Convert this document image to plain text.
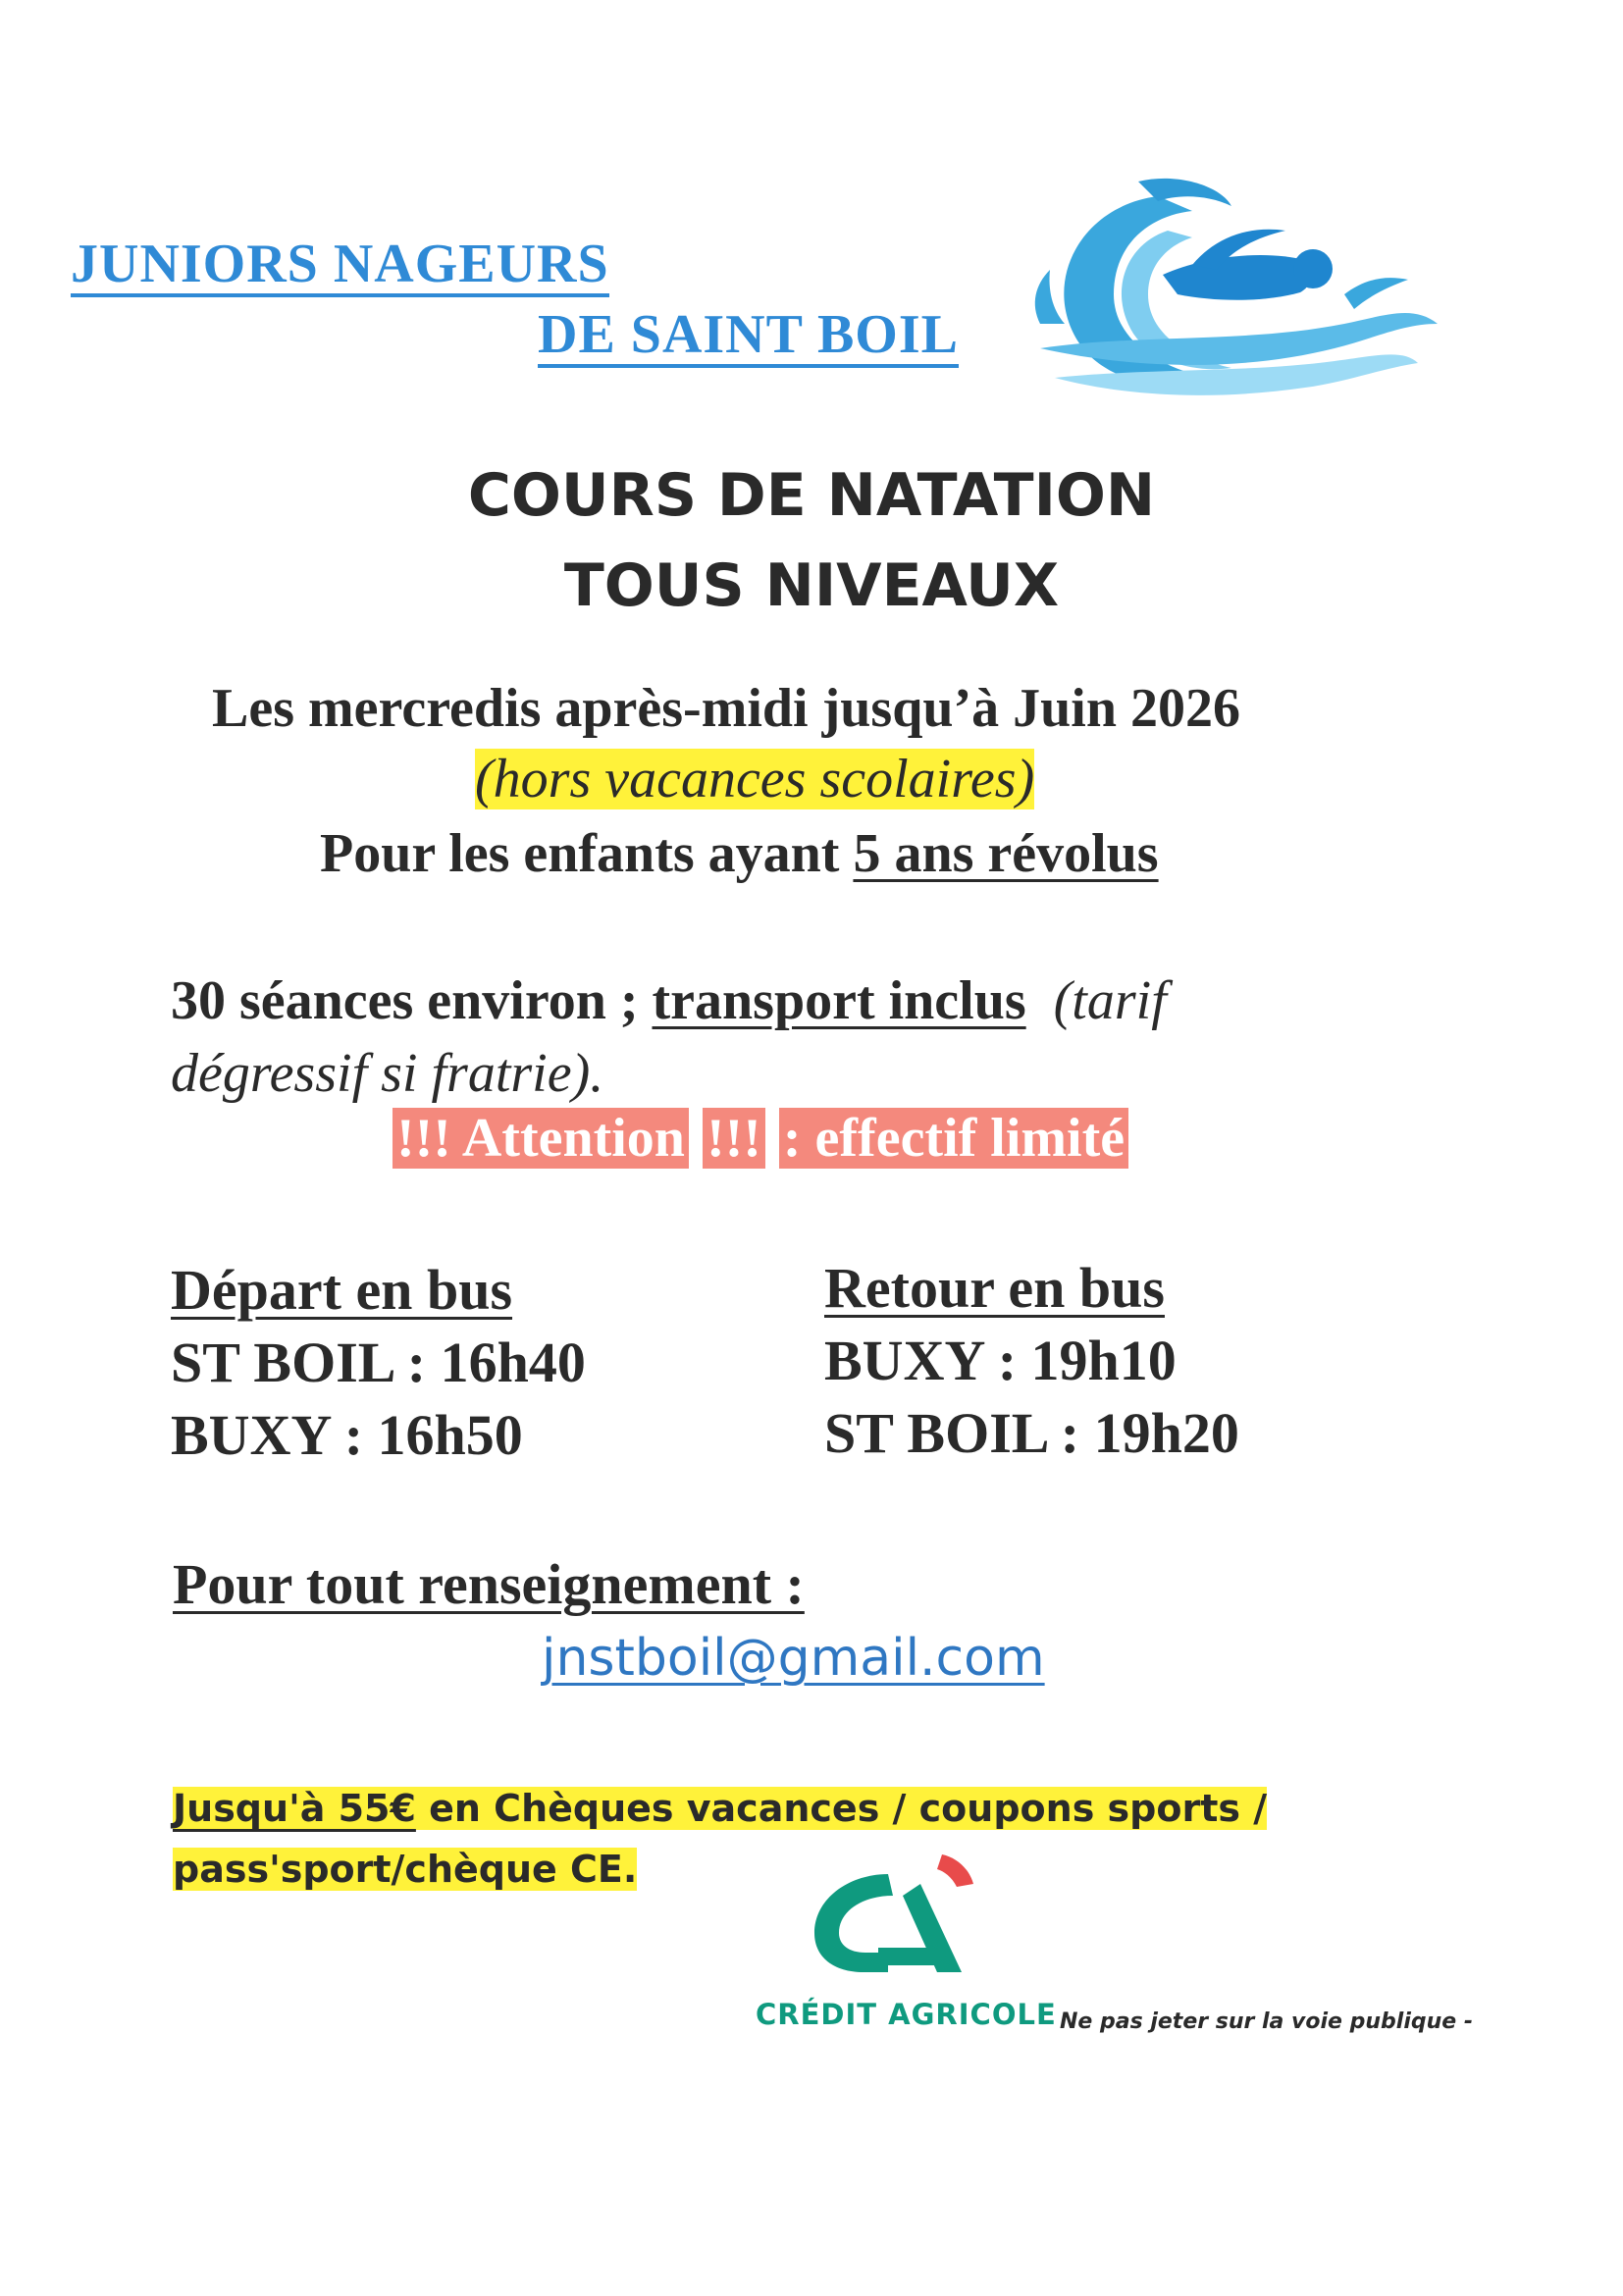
JUNIORS NAGEURS
DE SAINT BOIL
COURS DE NATATION
TOUS NIVEAUX
Les mercredis après-midi jusqu’à Juin 2026
(hors vacances scolaires)
Pour les enfants ayant 5 ans révolus
30 séances environ ; transport inclus (tarif
dégressif si fratrie).
!!! Attention !!! : effectif limité
Départ en bus
ST BOIL : 16h40
BUXY : 16h50
Retour en bus
BUXY : 19h10
ST BOIL : 19h20
Pour tout renseignement :
jnstboil@gmail.com
Jusqu'à 55€ en Chèques vacances / coupons sports /
pass'sport/chèque CE.
CRÉDIT AGRICOLE Ne pas jeter sur la voie publique -
